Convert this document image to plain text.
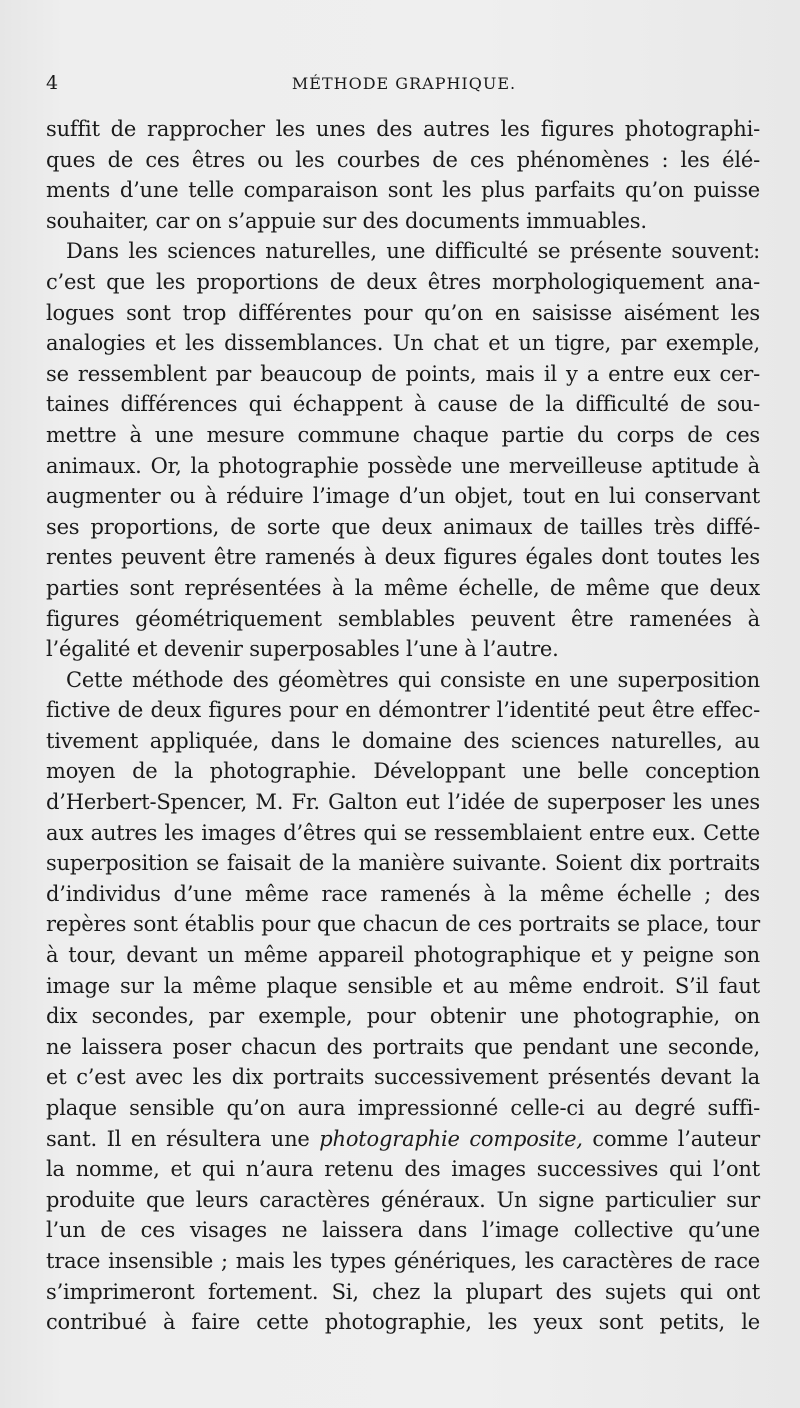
4	MÉTHODE GRAPHIQUE.
suffit de rapprocher les unes des autres les figures photographi-
ques de ces êtres ou les courbes de ces phénomènes : les élé-
ments d’une telle comparaison sont les plus parfaits qu’on puisse
souhaiter, car on s’appuie sur des documents immuables.
Dans les sciences naturelles, une difficulté se présente souvent:
c’est que les proportions de deux êtres morphologiquement ana-
logues sont trop différentes pour qu’on en saisisse aisément les
analogies et les dissemblances. Un chat et un tigre, par exemple,
se ressemblent par beaucoup de points, mais il y a entre eux cer-
taines différences qui échappent à cause de la difficulté de sou-
mettre à une mesure commune chaque partie du corps de ces
animaux. Or, la photographie possède une merveilleuse aptitude à
augmenter ou à réduire l’image d’un objet, tout en lui conservant
ses proportions, de sorte que deux animaux de tailles très diffé-
rentes peuvent être ramenés à deux figures égales dont toutes les
parties sont représentées à la même échelle, de même que deux
figures géométriquement semblables peuvent être ramenées à
l’égalité et devenir superposables l’une à l’autre.
Cette méthode des géomètres qui consiste en une superposition
fictive de deux figures pour en démontrer l’identité peut être effec-
tivement appliquée, dans le domaine des sciences naturelles, au
moyen de la photographie. Développant une belle conception
d’Herbert-Spencer, M. Fr. Galton eut l’idée de superposer les unes
aux autres les images d’êtres qui se ressemblaient entre eux. Cette
superposition se faisait de la manière suivante. Soient dix portraits
d’individus d’une même race ramenés à la même échelle ; des
repères sont établis pour que chacun de ces portraits se place, tour
à tour, devant un même appareil photographique et y peigne son
image sur la même plaque sensible et au même endroit. S’il faut
dix secondes, par exemple, pour obtenir une photographie, on
ne laissera poser chacun des portraits que pendant une seconde,
et c’est avec les dix portraits successivement présentés devant la
plaque sensible qu’on aura impressionné celle-ci au degré suffi-
sant. Il en résultera une photographie composite, comme l’auteur
la nomme, et qui n’aura retenu des images successives qui l’ont
produite que leurs caractères généraux. Un signe particulier sur
l’un de ces visages ne laissera dans l’image collective qu’une
trace insensible ; mais les types génériques, les caractères de race
s’imprimeront fortement. Si, chez la plupart des sujets qui ont
contribué à faire cette photographie, les yeux sont petits, le
